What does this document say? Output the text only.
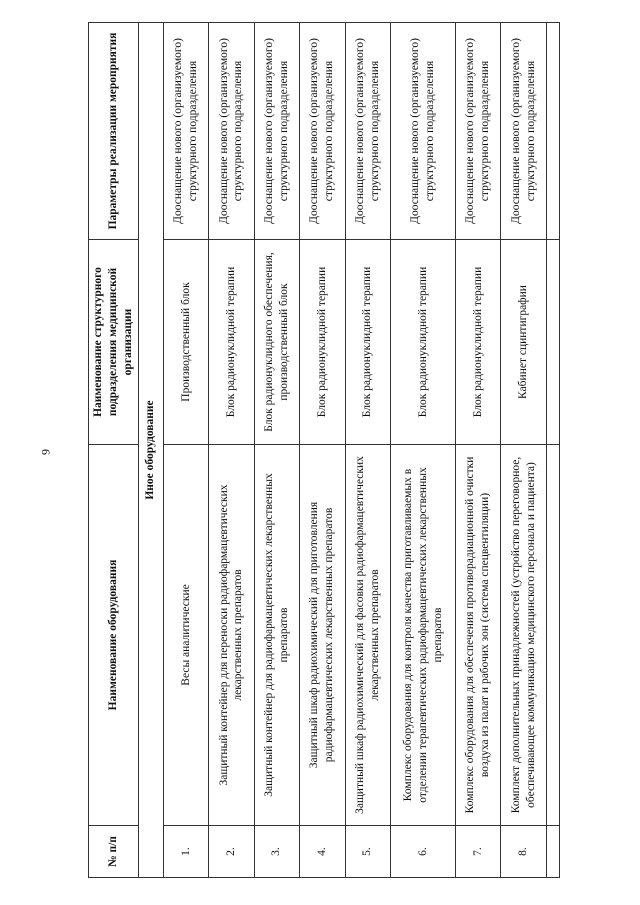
9
№ п/п	Наименование оборудования	Наименование структурного подразделения медицинской организации	Параметры реализации мероприятия
Иное оборудование			
1.	Весы аналитические	Производственный блок	Дооснащение нового (организуемого) структурного подразделения
2.	Защитный контейнер для переноски радиофармацевтических лекарственных препаратов	Блок радионуклидной терапии	Дооснащение нового (организуемого) структурного подразделения
3.	Защитный контейнер для радиофармацевтических лекарственных препаратов	Блок радионуклидного обеспечения, производственный блок	Дооснащение нового (организуемого) структурного подразделения
4.	Защитный шкаф радиохимический для приготовления радиофармацевтических лекарственных препаратов	Блок радионуклидной терапии	Дооснащение нового (организуемого) структурного подразделения
5.	Защитный шкаф радиохимический для фасовки радиофармацевтических лекарственных препаратов	Блок радионуклидной терапии	Дооснащение нового (организуемого) структурного подразделения
6.	Комплекс оборудования для контроля качества приготавливаемых в отделении терапевтических радиофармацевтических лекарственных препаратов	Блок радионуклидной терапии	Дооснащение нового (организуемого) структурного подразделения
7.	Комплекс оборудования для обеспечения противорадиационной очистки воздуха из палат и рабочих зон (система спецвентиляции)	Блок радионуклидной терапии	Дооснащение нового (организуемого) структурного подразделения
8.	Комплект дополнительных принадлежностей (устройство переговорное, обеспечивающее коммуникацию медицинского персонала и пациента)	Кабинет сцинтиграфии	Дооснащение нового (организуемого) структурного подразделения
